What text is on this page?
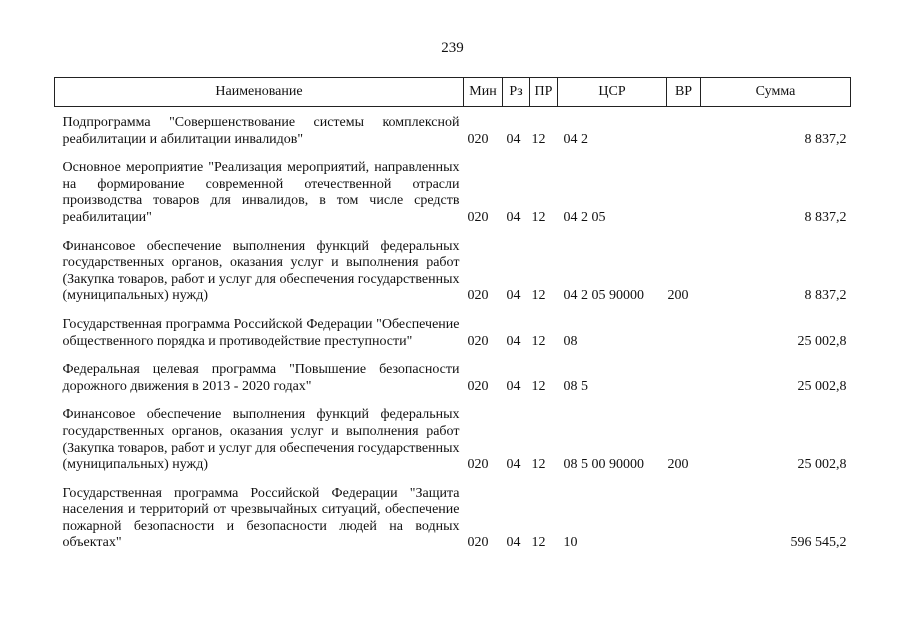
239
Наименование	Мин	Рз	ПР	ЦСР	ВР	Сумма

Подпрограмма "Совершенствование системы комплексной реабилитации и абилитации инвалидов"	020	04	12	04 2		8 837,2
Основное мероприятие "Реализация мероприятий, направленных на формирование современной отечественной отрасли производства товаров для инвалидов, в том числе средств реабилитации"	020	04	12	04 2 05		8 837,2
Финансовое обеспечение выполнения функций федеральных государственных органов, оказания услуг и выполнения работ (Закупка товаров, работ и услуг для обеспечения государственных (муниципальных) нужд)	020	04	12	04 2 05 90000	200	8 837,2
Государственная программа Российской Федерации "Обеспечение общественного порядка и противодействие преступности"	020	04	12	08		25 002,8
Федеральная целевая программа "Повышение безопасности дорожного движения в 2013 - 2020 годах"	020	04	12	08 5		25 002,8
Финансовое обеспечение выполнения функций федеральных государственных органов, оказания услуг и выполнения работ (Закупка товаров, работ и услуг для обеспечения государственных (муниципальных) нужд)	020	04	12	08 5 00 90000	200	25 002,8
Государственная программа Российской Федерации "Защита населения и территорий от чрезвычайных ситуаций, обеспечение пожарной безопасности и безопасности людей на водных объектах"	020	04	12	10		596 545,2
